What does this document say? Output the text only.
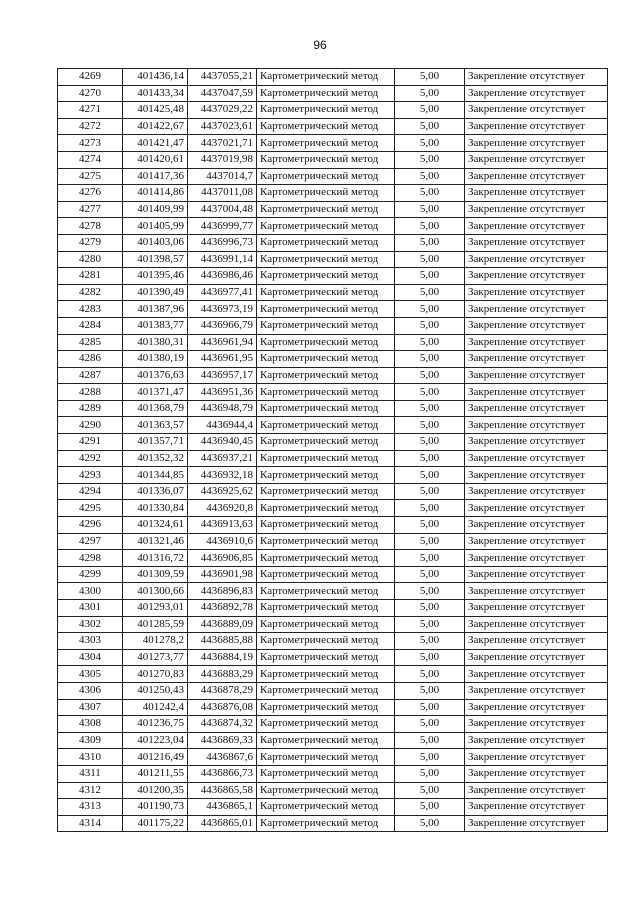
96
4269	401436,14	4437055,21	Картометрический метод	5,00	Закрепление отсутствует
4270	401433,34	4437047,59	Картометрический метод	5,00	Закрепление отсутствует
4271	401425,48	4437029,22	Картометрический метод	5,00	Закрепление отсутствует
4272	401422,67	4437023,61	Картометрический метод	5,00	Закрепление отсутствует
4273	401421,47	4437021,71	Картометрический метод	5,00	Закрепление отсутствует
4274	401420,61	4437019,98	Картометрический метод	5,00	Закрепление отсутствует
4275	401417,36	4437014,7	Картометрический метод	5,00	Закрепление отсутствует
4276	401414,86	4437011,08	Картометрический метод	5,00	Закрепление отсутствует
4277	401409,99	4437004,48	Картометрический метод	5,00	Закрепление отсутствует
4278	401405,99	4436999,77	Картометрический метод	5,00	Закрепление отсутствует
4279	401403,06	4436996,73	Картометрический метод	5,00	Закрепление отсутствует
4280	401398,57	4436991,14	Картометрический метод	5,00	Закрепление отсутствует
4281	401395,46	4436986,46	Картометрический метод	5,00	Закрепление отсутствует
4282	401390,49	4436977,41	Картометрический метод	5,00	Закрепление отсутствует
4283	401387,96	4436973,19	Картометрический метод	5,00	Закрепление отсутствует
4284	401383,77	4436966,79	Картометрический метод	5,00	Закрепление отсутствует
4285	401380,31	4436961,94	Картометрический метод	5,00	Закрепление отсутствует
4286	401380,19	4436961,95	Картометрический метод	5,00	Закрепление отсутствует
4287	401376,63	4436957,17	Картометрический метод	5,00	Закрепление отсутствует
4288	401371,47	4436951,36	Картометрический метод	5,00	Закрепление отсутствует
4289	401368,79	4436948,79	Картометрический метод	5,00	Закрепление отсутствует
4290	401363,57	4436944,4	Картометрический метод	5,00	Закрепление отсутствует
4291	401357,71	4436940,45	Картометрический метод	5,00	Закрепление отсутствует
4292	401352,32	4436937,21	Картометрический метод	5,00	Закрепление отсутствует
4293	401344,85	4436932,18	Картометрический метод	5,00	Закрепление отсутствует
4294	401336,07	4436925,62	Картометрический метод	5,00	Закрепление отсутствует
4295	401330,84	4436920,8	Картометрический метод	5,00	Закрепление отсутствует
4296	401324,61	4436913,63	Картометрический метод	5,00	Закрепление отсутствует
4297	401321,46	4436910,6	Картометрический метод	5,00	Закрепление отсутствует
4298	401316,72	4436906,85	Картометрический метод	5,00	Закрепление отсутствует
4299	401309,59	4436901,98	Картометрический метод	5,00	Закрепление отсутствует
4300	401300,66	4436896,83	Картометрический метод	5,00	Закрепление отсутствует
4301	401293,01	4436892,78	Картометрический метод	5,00	Закрепление отсутствует
4302	401285,59	4436889,09	Картометрический метод	5,00	Закрепление отсутствует
4303	401278,2	4436885,88	Картометрический метод	5,00	Закрепление отсутствует
4304	401273,77	4436884,19	Картометрический метод	5,00	Закрепление отсутствует
4305	401270,83	4436883,29	Картометрический метод	5,00	Закрепление отсутствует
4306	401250,43	4436878,29	Картометрический метод	5,00	Закрепление отсутствует
4307	401242,4	4436876,08	Картометрический метод	5,00	Закрепление отсутствует
4308	401236,75	4436874,32	Картометрический метод	5,00	Закрепление отсутствует
4309	401223,04	4436869,33	Картометрический метод	5,00	Закрепление отсутствует
4310	401216,49	4436867,6	Картометрический метод	5,00	Закрепление отсутствует
4311	401211,55	4436866,73	Картометрический метод	5,00	Закрепление отсутствует
4312	401200,35	4436865,58	Картометрический метод	5,00	Закрепление отсутствует
4313	401190,73	4436865,1	Картометрический метод	5,00	Закрепление отсутствует
4314	401175,22	4436865,01	Картометрический метод	5,00	Закрепление отсутствует
